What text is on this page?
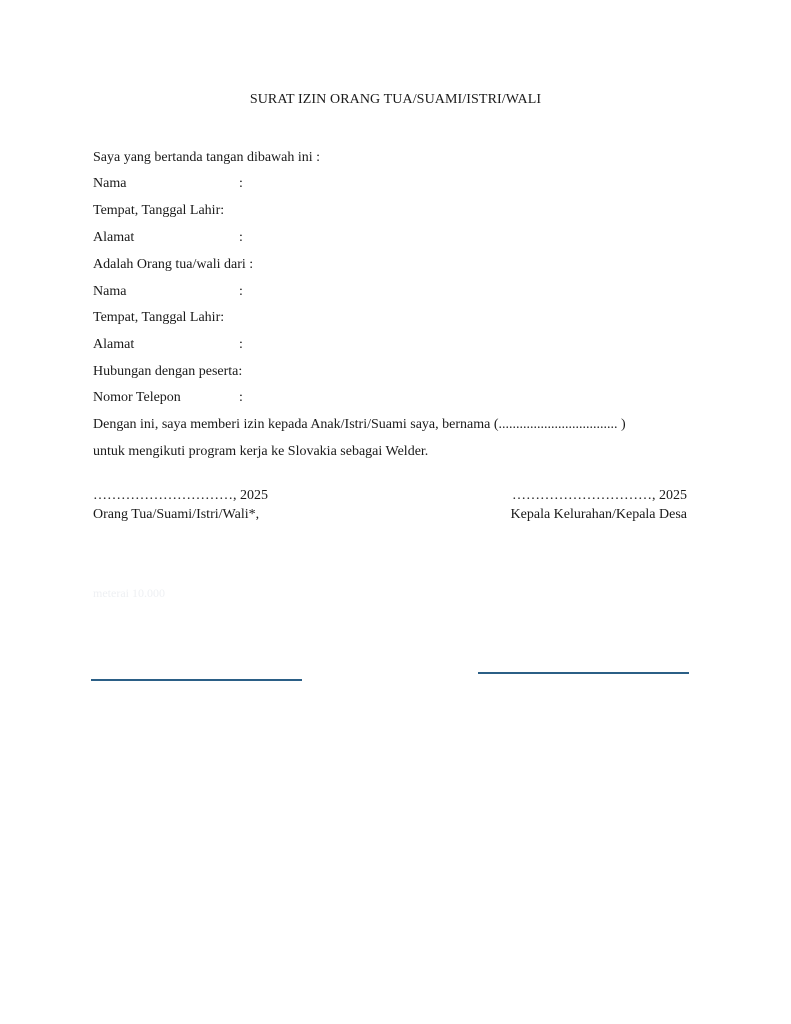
SURAT IZIN ORANG TUA/SUAMI/ISTRI/WALI
Saya yang bertanda tangan dibawah ini :
Nama	:
Tempat, Tanggal Lahir:
Alamat	:
Adalah Orang tua/wali dari :
Nama	:
Tempat, Tanggal Lahir:
Alamat	:
Hubungan dengan peserta:
Nomor Telepon	:
Dengan ini, saya memberi izin kepada Anak/Istri/Suami saya, bernama (.................................. )
untuk mengikuti program kerja ke Slovakia sebagai Welder.
…………………………, 2025
Orang Tua/Suami/Istri/Wali*,
…………………………, 2025
Kepala Kelurahan/Kepala Desa
meterai 10.000
